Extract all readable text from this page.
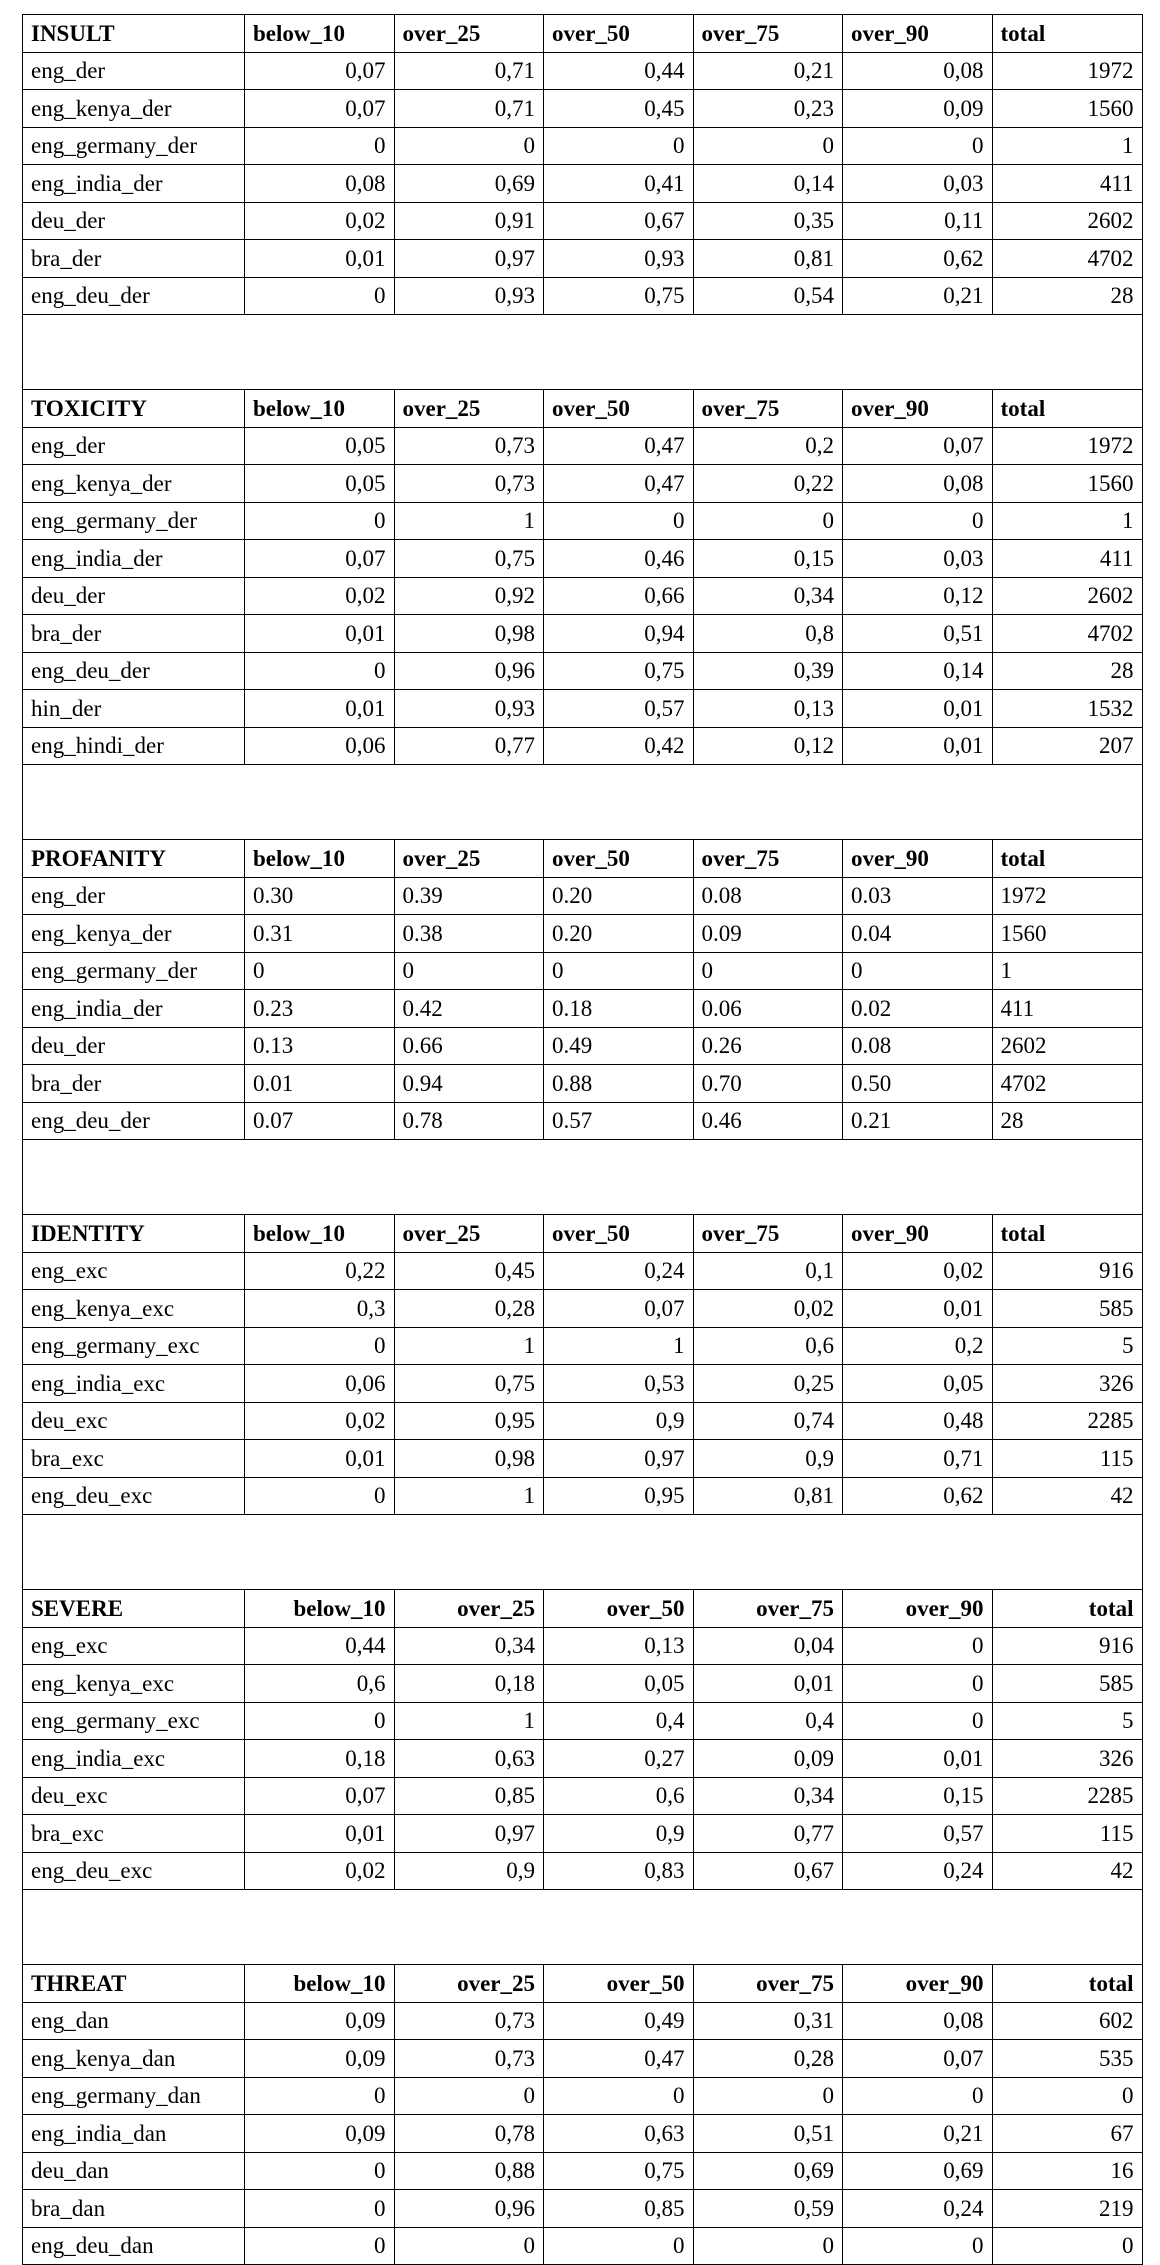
INSULT	below_10	over_25	over_50	over_75	over_90	total
eng_der	0,07	0,71	0,44	0,21	0,08	1972
eng_kenya_der	0,07	0,71	0,45	0,23	0,09	1560
eng_germany_der	0	0	0	0	0	1
eng_india_der	0,08	0,69	0,41	0,14	0,03	411
deu_der	0,02	0,91	0,67	0,35	0,11	2602
bra_der	0,01	0,97	0,93	0,81	0,62	4702
eng_deu_der	0	0,93	0,75	0,54	0,21	28

TOXICITY	below_10	over_25	over_50	over_75	over_90	total
eng_der	0,05	0,73	0,47	0,2	0,07	1972
eng_kenya_der	0,05	0,73	0,47	0,22	0,08	1560
eng_germany_der	0	1	0	0	0	1
eng_india_der	0,07	0,75	0,46	0,15	0,03	411
deu_der	0,02	0,92	0,66	0,34	0,12	2602
bra_der	0,01	0,98	0,94	0,8	0,51	4702
eng_deu_der	0	0,96	0,75	0,39	0,14	28
hin_der	0,01	0,93	0,57	0,13	0,01	1532
eng_hindi_der	0,06	0,77	0,42	0,12	0,01	207

PROFANITY	below_10	over_25	over_50	over_75	over_90	total
eng_der	0.30	0.39	0.20	0.08	0.03	1972
eng_kenya_der	0.31	0.38	0.20	0.09	0.04	1560
eng_germany_der	0	0	0	0	0	1
eng_india_der	0.23	0.42	0.18	0.06	0.02	411
deu_der	0.13	0.66	0.49	0.26	0.08	2602
bra_der	0.01	0.94	0.88	0.70	0.50	4702
eng_deu_der	0.07	0.78	0.57	0.46	0.21	28

IDENTITY	below_10	over_25	over_50	over_75	over_90	total
eng_exc	0,22	0,45	0,24	0,1	0,02	916
eng_kenya_exc	0,3	0,28	0,07	0,02	0,01	585
eng_germany_exc	0	1	1	0,6	0,2	5
eng_india_exc	0,06	0,75	0,53	0,25	0,05	326
deu_exc	0,02	0,95	0,9	0,74	0,48	2285
bra_exc	0,01	0,98	0,97	0,9	0,71	115
eng_deu_exc	0	1	0,95	0,81	0,62	42

SEVERE	below_10	over_25	over_50	over_75	over_90	total
eng_exc	0,44	0,34	0,13	0,04	0	916
eng_kenya_exc	0,6	0,18	0,05	0,01	0	585
eng_germany_exc	0	1	0,4	0,4	0	5
eng_india_exc	0,18	0,63	0,27	0,09	0,01	326
deu_exc	0,07	0,85	0,6	0,34	0,15	2285
bra_exc	0,01	0,97	0,9	0,77	0,57	115
eng_deu_exc	0,02	0,9	0,83	0,67	0,24	42

THREAT	below_10	over_25	over_50	over_75	over_90	total
eng_dan	0,09	0,73	0,49	0,31	0,08	602
eng_kenya_dan	0,09	0,73	0,47	0,28	0,07	535
eng_germany_dan	0	0	0	0	0	0
eng_india_dan	0,09	0,78	0,63	0,51	0,21	67
deu_dan	0	0,88	0,75	0,69	0,69	16
bra_dan	0	0,96	0,85	0,59	0,24	219
eng_deu_dan	0	0	0	0	0	0
